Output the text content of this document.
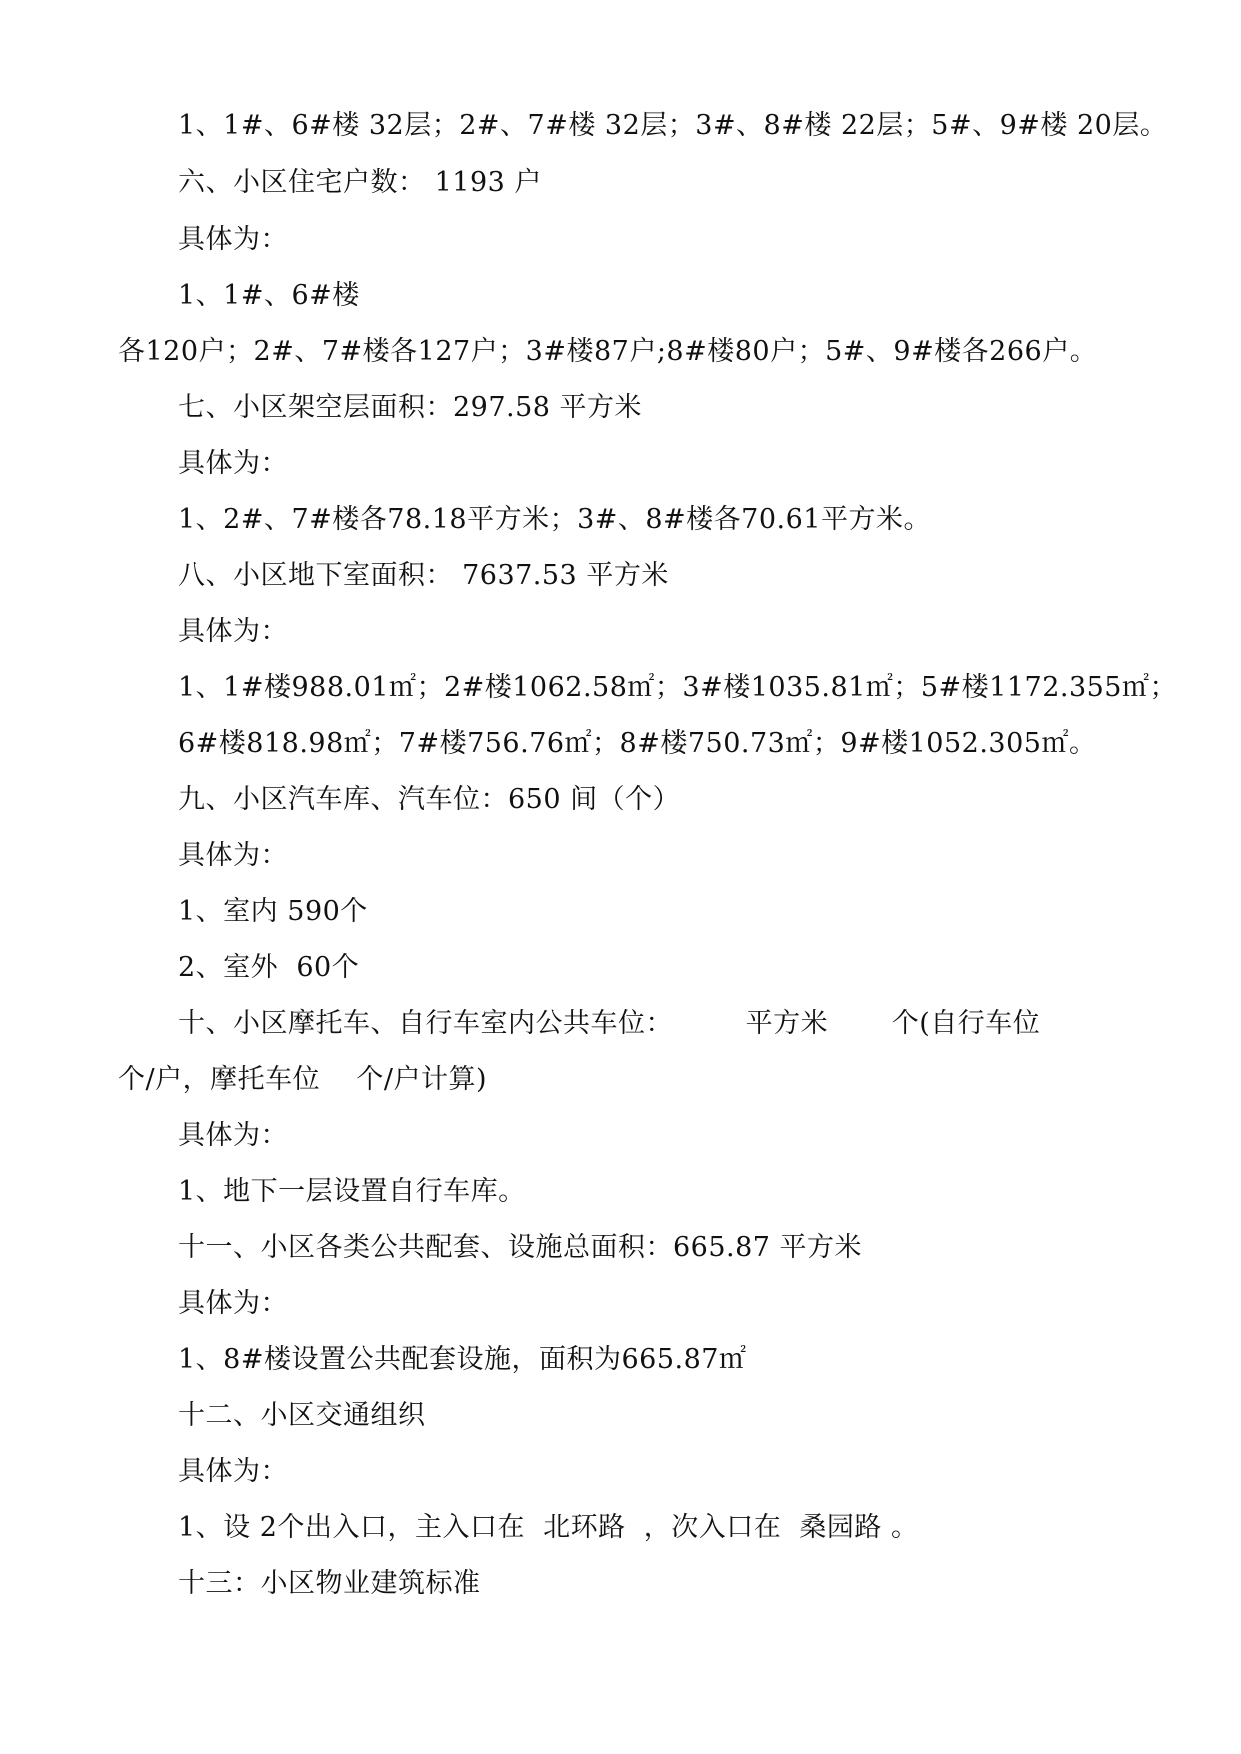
1、1#、6#楼 32层；2#、7#楼 32层；3#、8#楼 22层；5#、9#楼 20层。

六、小区住宅户数： 1193 户

具体为：

1、1#、6#楼

各120户；2#、7#楼各127户；3#楼87户;8#楼80户；5#、9#楼各266户。

七、小区架空层面积：297.58 平方米

具体为：

1、2#、7#楼各78.18平方米；3#、8#楼各70.61平方米。

八、小区地下室面积： 7637.53 平方米

具体为：

1、1#楼988.01㎡；2#楼1062.58㎡；3#楼1035.81㎡；5#楼1172.355㎡；

6#楼818.98㎡；7#楼756.76㎡；8#楼750.73㎡；9#楼1052.305㎡。

九、小区汽车库、汽车位：650 间（个）

具体为：

1、室内 590个

2、室外  60个

十、小区摩托车、自行车室内公共车位：        平方米       个(自行车位

个/户，摩托车位    个/户计算)

具体为：

1、地下一层设置自行车库。

十一、小区各类公共配套、设施总面积：665.87 平方米

具体为：

1、8#楼设置公共配套设施，面积为665.87㎡

十二、小区交通组织

具体为：

1、设 2个出入口，主入口在  北环路  ，次入口在  桑园路 。

十三：小区物业建筑标准
